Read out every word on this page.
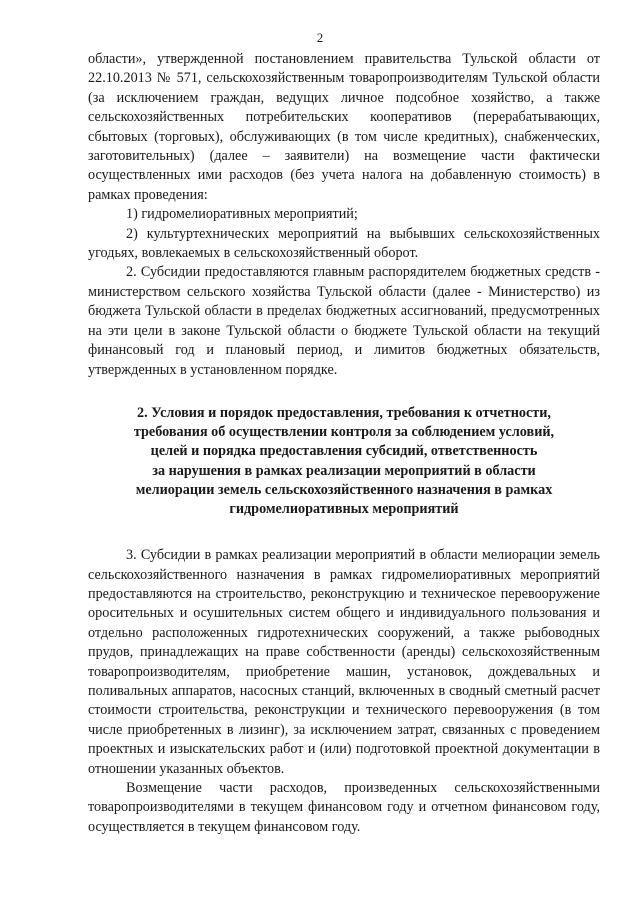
2

области», утвержденной постановлением правительства Тульской области от 22.10.2013 № 571, сельскохозяйственным товаропроизводителям Тульской области (за исключением граждан, ведущих личное подсобное хозяйство, а также сельскохозяйственных потребительских кооперативов (перерабатывающих, сбытовых (торговых), обслуживающих (в том числе кредитных), снабженческих, заготовительных) (далее – заявители) на возмещение части фактически осуществленных ими расходов (без учета налога на добавленную стоимость) в рамках проведения:

1) гидромелиоративных мероприятий;

2) культуртехнических мероприятий на выбывших сельскохозяйственных угодьях, вовлекаемых в сельскохозяйственный оборот.

2. Субсидии предоставляются главным распорядителем бюджетных средств - министерством сельского хозяйства Тульской области (далее - Министерство) из бюджета Тульской области в пределах бюджетных ассигнований, предусмотренных на эти цели в законе Тульской области о бюджете Тульской области на текущий финансовый год и плановый период, и лимитов бюджетных обязательств, утвержденных в установленном порядке.

2. Условия и порядок предоставления, требования к отчетности,
требования об осуществлении контроля за соблюдением условий,
целей и порядка предоставления субсидий, ответственность
за нарушения в рамках реализации мероприятий в области
мелиорации земель сельскохозяйственного назначения в рамках
гидромелиоративных мероприятий

3. Субсидии в рамках реализации мероприятий в области мелиорации земель сельскохозяйственного назначения в рамках гидромелиоративных мероприятий предоставляются на строительство, реконструкцию и техническое перевооружение оросительных и осушительных систем общего и индивидуального пользования и отдельно расположенных гидротехнических сооружений, а также рыбоводных прудов, принадлежащих на праве собственности (аренды) сельскохозяйственным товаропроизводителям, приобретение машин, установок, дождевальных и поливальных аппаратов, насосных станций, включенных в сводный сметный расчет стоимости строительства, реконструкции и технического перевооружения (в том числе приобретенных в лизинг), за исключением затрат, связанных с проведением проектных и изыскательских работ и (или) подготовкой проектной документации в отношении указанных объектов.

Возмещение части расходов, произведенных сельскохозяйственными товаропроизводителями в текущем финансовом году и отчетном финансовом году, осуществляется в текущем финансовом году.
